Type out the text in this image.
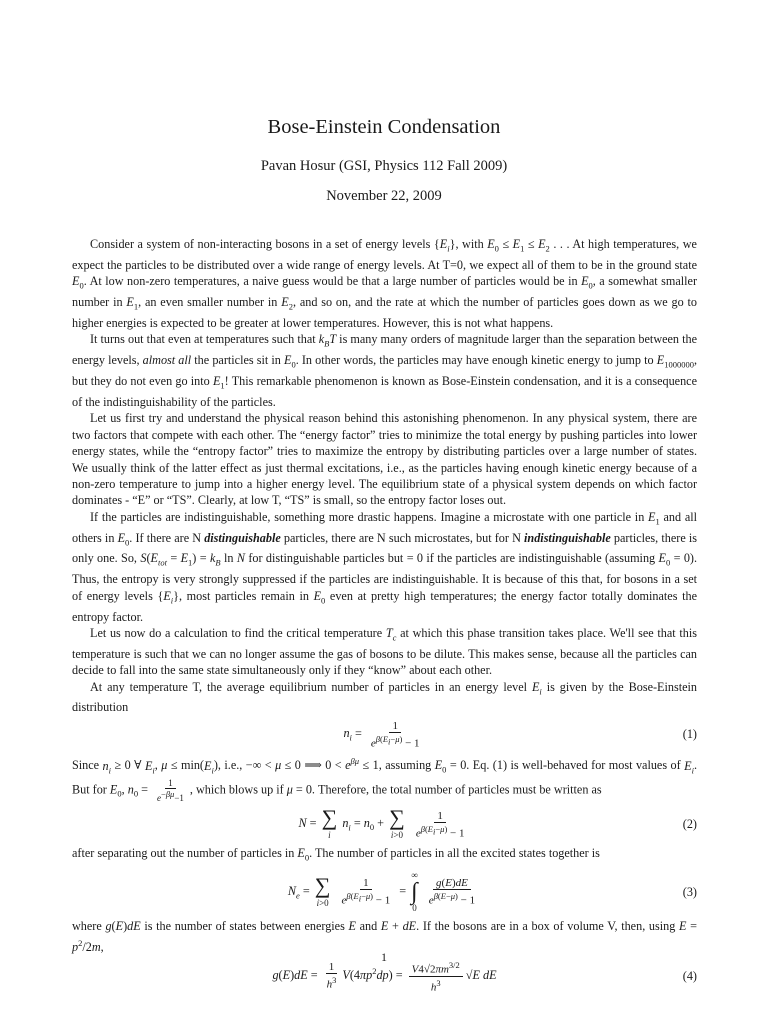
Bose-Einstein Condensation
Pavan Hosur (GSI, Physics 112 Fall 2009)
November 22, 2009

Consider a system of non-interacting bosons in a set of energy levels $\{E_i\}$, with $E_0 \le E_1 \le E_2$ . . . At high temperatures, we expect the particles to be distributed over a wide range of energy levels. At T=0, we expect all of them to be in the ground state $E_0$. At low non-zero temperatures, a naive guess would be that a large number of particles would be in $E_0$, a somewhat smaller number in $E_1$, an even smaller number in $E_2$, and so on, and the rate at which the number of particles goes down as we go to higher energies is expected to be greater at lower temperatures. However, this is not what happens.

It turns out that even at temperatures such that $k_BT$ is many many orders of magnitude larger than the separation between the energy levels, almost all the particles sit in $E_0$. In other words, the particles may have enough kinetic energy to jump to $E_{1000000}$, but they do not even go into $E_1$! This remarkable phenomenon is known as Bose-Einstein condensation, and it is a consequence of the indistinguishability of the particles.

Let us first try and understand the physical reason behind this astonishing phenomenon. In any physical system, there are two factors that compete with each other. The “energy factor” tries to minimize the total energy by pushing particles into lower energy states, while the “entropy factor” tries to maximize the entropy by distributing particles over a large number of states. We usually think of the latter effect as just thermal excitations, i.e., as the particles having enough kinetic energy because of a non-zero temperature to jump into a higher energy level. The equilibrium state of a physical system depends on which factor dominates - “E” or “TS”. Clearly, at low T, “TS” is small, so the entropy factor loses out.

If the particles are indistinguishable, something more drastic happens. Imagine a microstate with one particle in $E_1$ and all others in $E_0$. If there are N distinguishable particles, there are N such microstates, but for N indistinguishable particles, there is only one. So, $S(E_{tot} = E_1) = k_B$ ln N for distinguishable particles but = 0 if the particles are indistinguishable (assuming $E_0 = 0$). Thus, the entropy is very strongly suppressed if the particles are indistinguishable. It is because of this that, for bosons in a set of energy levels $\{E_i\}$, most particles remain in $E_0$ even at pretty high temperatures; the energy factor totally dominates the entropy factor.

Let us now do a calculation to find the critical temperature $T_c$ at which this phase transition takes place. We'll see that this temperature is such that we can no longer assume the gas of bosons to be dilute. This makes sense, because all the particles can decide to fall into the same state simultaneously only if they “know” about each other.

At any temperature T, the average equilibrium number of particles in an energy level $E_i$ is given by the Bose-Einstein distribution

$n_i = \frac{1}{e^{\beta(E_i-\mu)} - 1}$	(1)

Since $n_i \ge 0$ ∀ $E_i$, $\mu \le \min(E_i)$, i.e., −∞ < μ ≤ 0 ⟹ $0 < e^{\beta\mu} \le 1$, assuming $E_0 = 0$. Eq. (1) is well-behaved for most values of $E_i$. But for $E_0$, $n_0 = \frac{1}{e^{-\beta\mu}-1}$ , which blows up if μ = 0. Therefore, the total number of particles must be written as

N = ∑
i
$n_i = n_0$ + ∑
i>0
$\frac{1}{e^{\beta(E_i-\mu)} - 1}$	(2)

after separating out the number of particles in $E_0$. The number of particles in all the excited states together is

$N_e$ = ∑
i>0
$\frac{1}{e^{\beta(E_i-\mu)} - 1}$ =
∞
∫
0

$\frac{g(E)dE}{e^{\beta(E-\mu)} - 1}$	(3)

where g(E)dE is the number of states between energies E and E + dE. If the bosons are in a box of volume V, then, using $E = p^2/2m$,

$g(E)dE = \frac{1}{h^3} V(4\pi p^2dp) = \frac{V4√2\pi m^{3/2}}{h^3} √E$ dE	(4)
1
